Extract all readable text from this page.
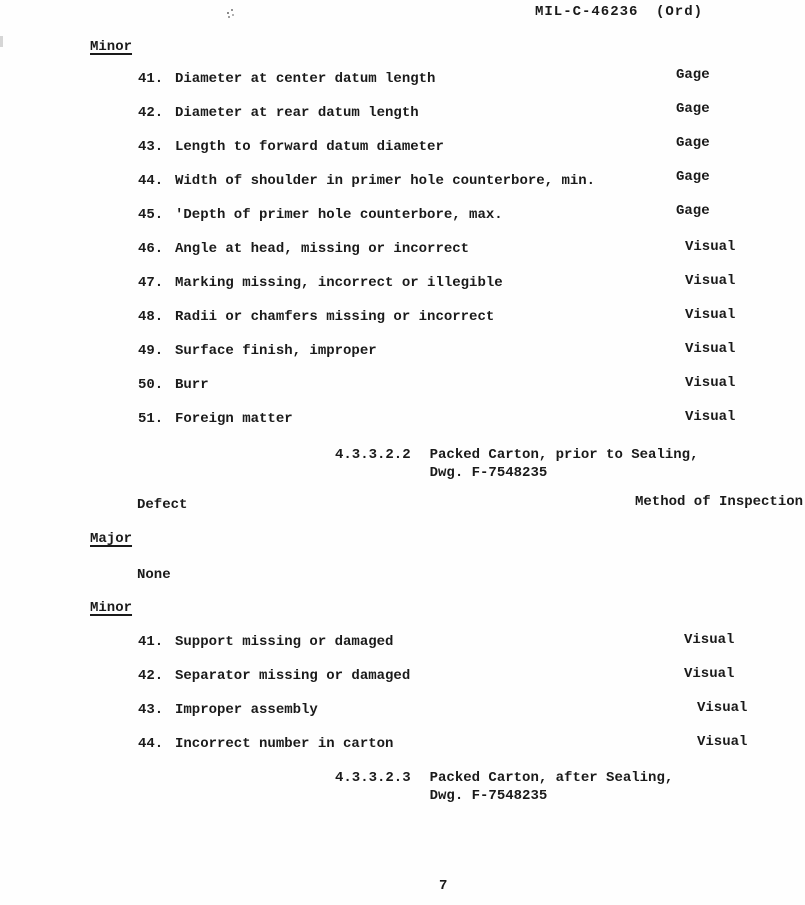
MIL-C-46236 (Ord)
Minor
41. Diameter at center datum length	Gage
42. Diameter at rear datum length	Gage
43. Length to forward datum diameter	Gage
44. Width of shoulder in primer hole counterbore, min.	Gage
45. 'Depth of primer hole counterbore, max.	Gage
46. Angle at head, missing or incorrect	Visual
47. Marking missing, incorrect or illegible	Visual
48. Radii or chamfers missing or incorrect	Visual
49. Surface finish, improper	Visual
50. Burr	Visual
51. Foreign matter	Visual
4.3.3.2.2 Packed Carton, prior to Sealing,
Dwg. F-7548235
Defect	Method of Inspection
Major
None
Minor
41. Support missing or damaged	Visual
42. Separator missing or damaged	Visual
43. Improper assembly	Visual
44. Incorrect number in carton	Visual
4.3.3.2.3 Packed Carton, after Sealing,
Dwg. F-7548235
7
